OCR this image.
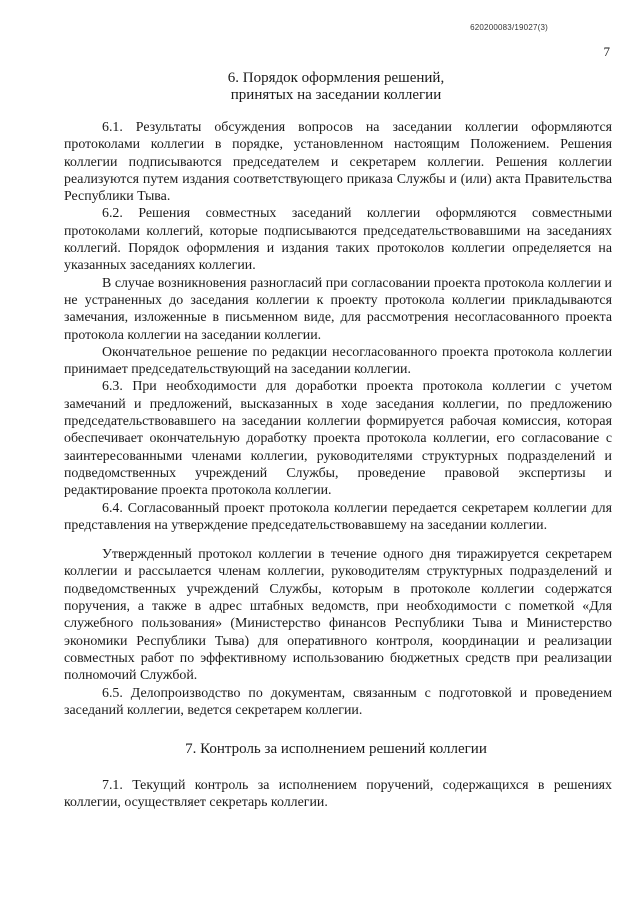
620200083/19027(3)
7
6. Порядок оформления решений,
принятых на заседании коллегии

6.1. Результаты обсуждения вопросов на заседании коллегии оформляются протоколами коллегии в порядке, установленном настоящим Положением. Решения коллегии подписываются председателем и секретарем коллегии. Решения коллегии реализуются путем издания соответствующего приказа Службы и (или) акта Правительства Республики Тыва.

6.2. Решения совместных заседаний коллегии оформляются совместными протоколами коллегий, которые подписываются председательствовавшими на заседаниях коллегий. Порядок оформления и издания таких протоколов коллегии определяется на указанных заседаниях коллегии.

В случае возникновения разногласий при согласовании проекта протокола коллегии и не устраненных до заседания коллегии к проекту протокола коллегии прикладываются замечания, изложенные в письменном виде, для рассмотрения несогласованного проекта протокола коллегии на заседании коллегии.

Окончательное решение по редакции несогласованного проекта протокола коллегии принимает председательствующий на заседании коллегии.

6.3. При необходимости для доработки проекта протокола коллегии с учетом замечаний и предложений, высказанных в ходе заседания коллегии, по предложению председательствовавшего на заседании коллегии формируется рабочая комиссия, которая обеспечивает окончательную доработку проекта протокола коллегии, его согласование с заинтересованными членами коллегии, руководителями структурных подразделений и подведомственных учреждений Службы, проведение правовой экспертизы и редактирование проекта протокола коллегии.

6.4. Согласованный проект протокола коллегии передается секретарем коллегии для представления на утверждение председательствовавшему на заседании коллегии.

Утвержденный протокол коллегии в течение одного дня тиражируется секретарем коллегии и рассылается членам коллегии, руководителям структурных подразделений и подведомственных учреждений Службы, которым в протоколе коллегии содержатся поручения, а также в адрес штабных ведомств, при необходимости с пометкой «Для служебного пользования» (Министерство финансов Республики Тыва и Министерство экономики Республики Тыва) для оперативного контроля, координации и реализации совместных работ по эффективному использованию бюджетных средств при реализации полномочий Службой.

6.5. Делопроизводство по документам, связанным с подготовкой и проведением заседаний коллегии, ведется секретарем коллегии.

7. Контроль за исполнением решений коллегии

7.1. Текущий контроль за исполнением поручений, содержащихся в решениях коллегии, осуществляет секретарь коллегии.
